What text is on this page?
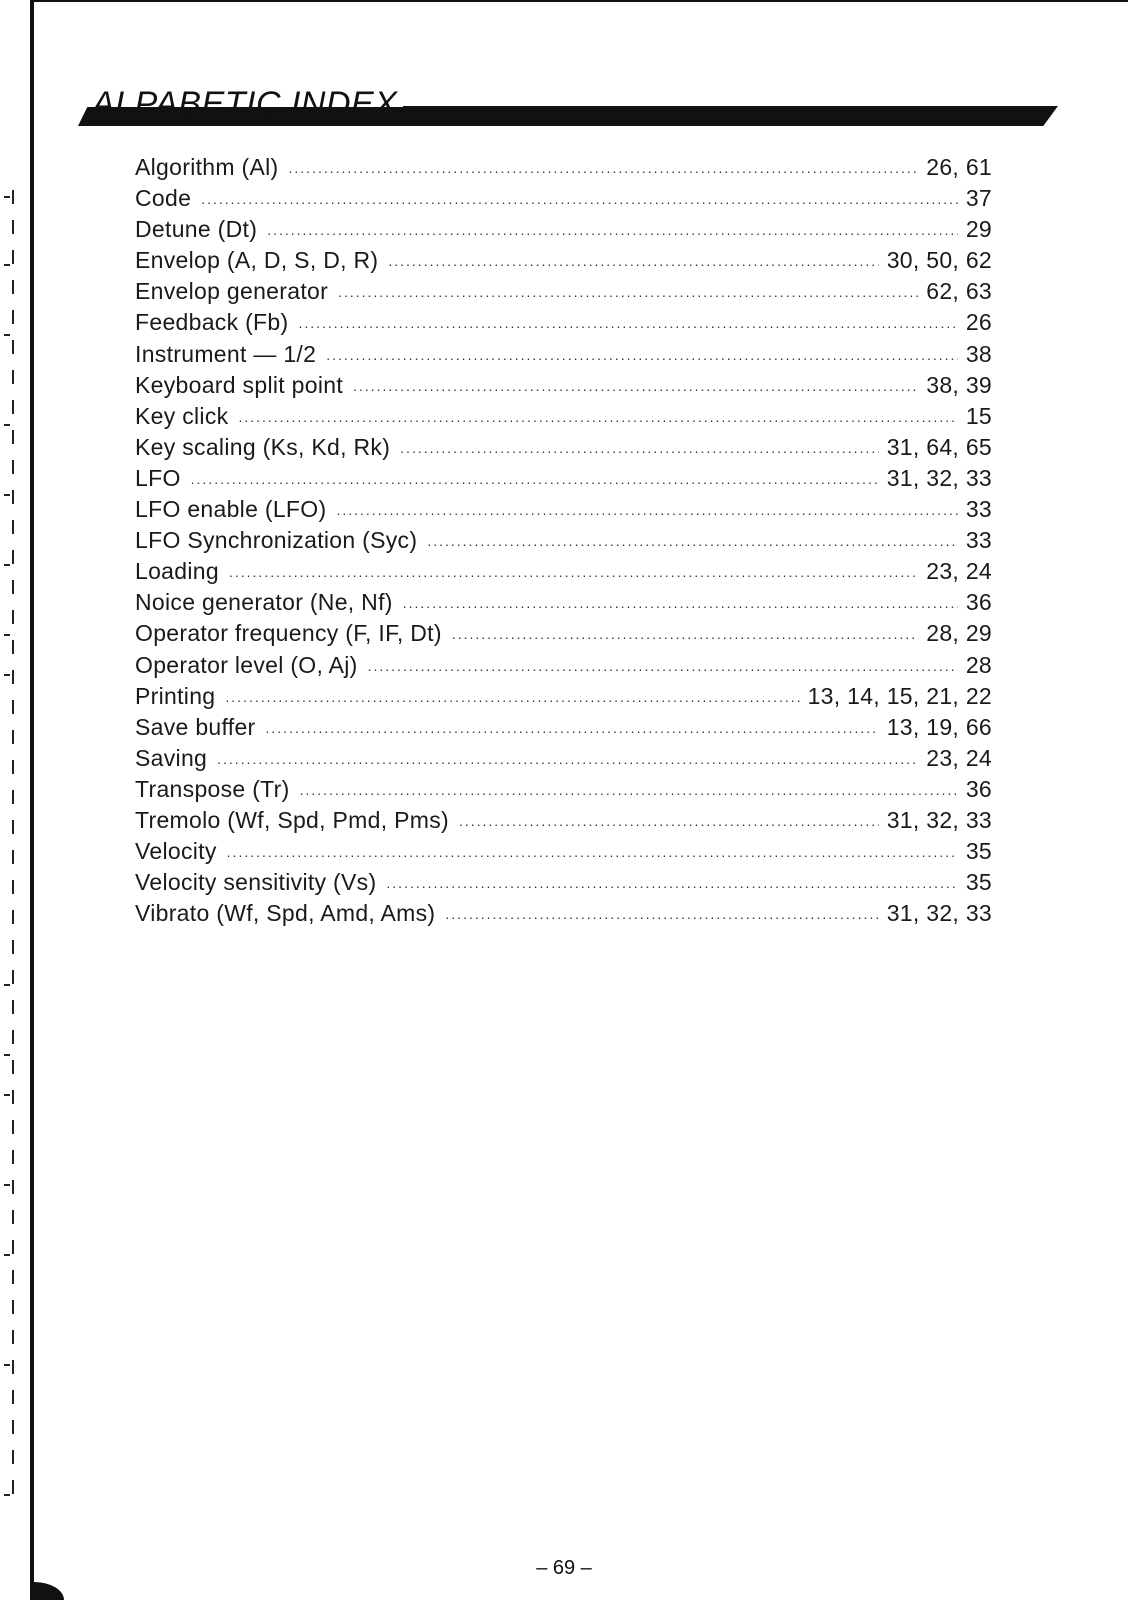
ALPABETIC INDEX
Algorithm (Al) .....	26, 61
Code .....	37
Detune (Dt) .....	29
Envelop (A, D, S, D, R) .....	30, 50, 62
Envelop generator .....	62, 63
Feedback (Fb) .....	26
Instrument — 1/2 .....	38
Keyboard split point .....	38, 39
Key click .....	15
Key scaling (Ks, Kd, Rk) .....	31, 64, 65
LFO .....	31, 32, 33
LFO enable (LFO) .....	33
LFO Synchronization (Syc) .....	33
Loading .....	23, 24
Noice generator (Ne, Nf) .....	36
Operator frequency (F, IF, Dt) .....	28, 29
Operator level (O, Aj) .....	28
Printing .....	13, 14, 15, 21, 22
Save buffer .....	13, 19, 66
Saving .....	23, 24
Transpose (Tr) .....	36
Tremolo (Wf, Spd, Pmd, Pms) .....	31, 32, 33
Velocity .....	35
Velocity sensitivity (Vs) .....	35
Vibrato (Wf, Spd, Amd, Ams) .....	31, 32, 33
– 69 –
